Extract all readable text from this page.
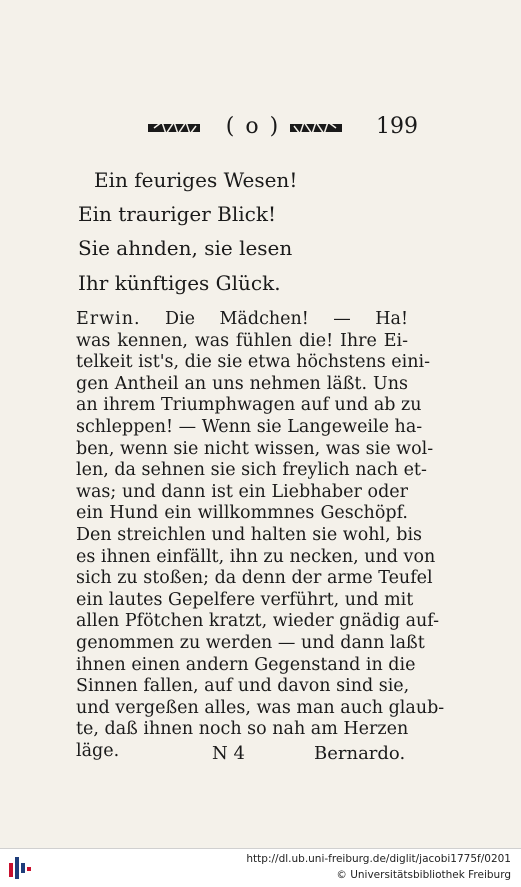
( o )	199
Ein feuriges Wesen!
Ein trauriger Blick!
Sie ahnden, sie lesen
Ihr künftiges Glück.
Erwin. Die Mädchen! — Ha!
was kennen, was fühlen die! Ihre Ei-
telkeit ist's, die sie etwa höchstens eini-
gen Antheil an uns nehmen läßt. Uns
an ihrem Triumphwagen auf und ab zu
schleppen! — Wenn sie Langeweile ha-
ben, wenn sie nicht wissen, was sie wol-
len, da sehnen sie sich freylich nach et-
was; und dann ist ein Liebhaber oder
ein Hund ein willkommnes Geschöpf.
Den streichlen und halten sie wohl, bis
es ihnen einfällt, ihn zu necken, und von
sich zu stoßen; da denn der arme Teufel
ein lautes Gepelfere verführt, und mit
allen Pfötchen kratzt, wieder gnädig auf-
genommen zu werden — und dann laßt
ihnen einen andern Gegenstand in die
Sinnen fallen, auf und davon sind sie,
und vergeßen alles, was man auch glaub-
te, daß ihnen noch so nah am Herzen
läge.	N 4	Bernardo.
http://dl.ub.uni-freiburg.de/diglit/jacobi1775f/0201
© Universitätsbibliothek Freiburg
